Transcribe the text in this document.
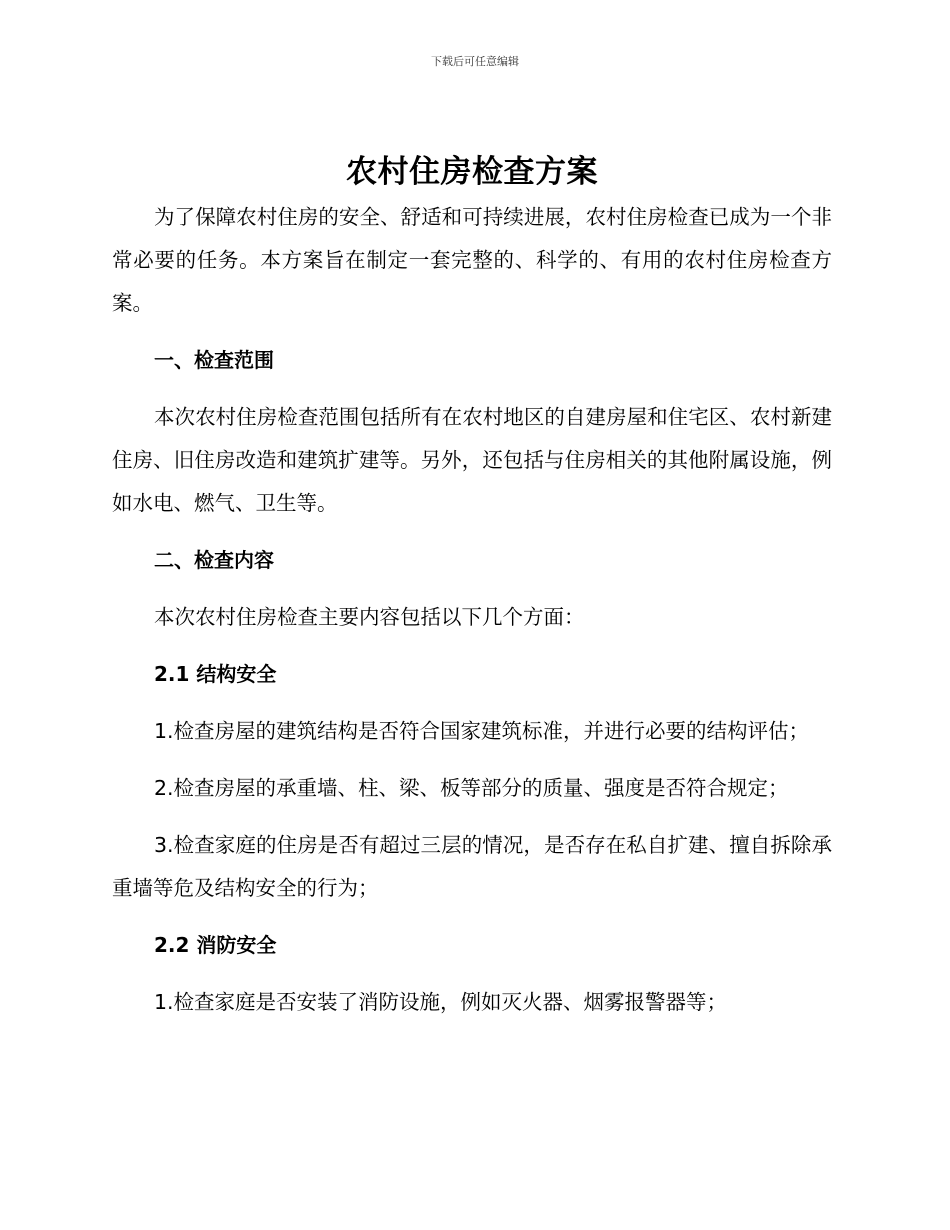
下载后可任意编辑
农村住房检查方案

为了保障农村住房的安全、舒适和可持续进展，农村住房检查已成为一个非常必要的任务。本方案旨在制定一套完整的、科学的、有用的农村住房检查方案。

一、检查范围

本次农村住房检查范围包括所有在农村地区的自建房屋和住宅区、农村新建住房、旧住房改造和建筑扩建等。另外，还包括与住房相关的其他附属设施，例如水电、燃气、卫生等。

二、检查内容

本次农村住房检查主要内容包括以下几个方面：

2.1 结构安全

1.检查房屋的建筑结构是否符合国家建筑标准，并进行必要的结构评估；

2.检查房屋的承重墙、柱、梁、板等部分的质量、强度是否符合规定；

3.检查家庭的住房是否有超过三层的情况，是否存在私自扩建、擅自拆除承重墙等危及结构安全的行为；

2.2 消防安全

1.检查家庭是否安装了消防设施，例如灭火器、烟雾报警器等；
